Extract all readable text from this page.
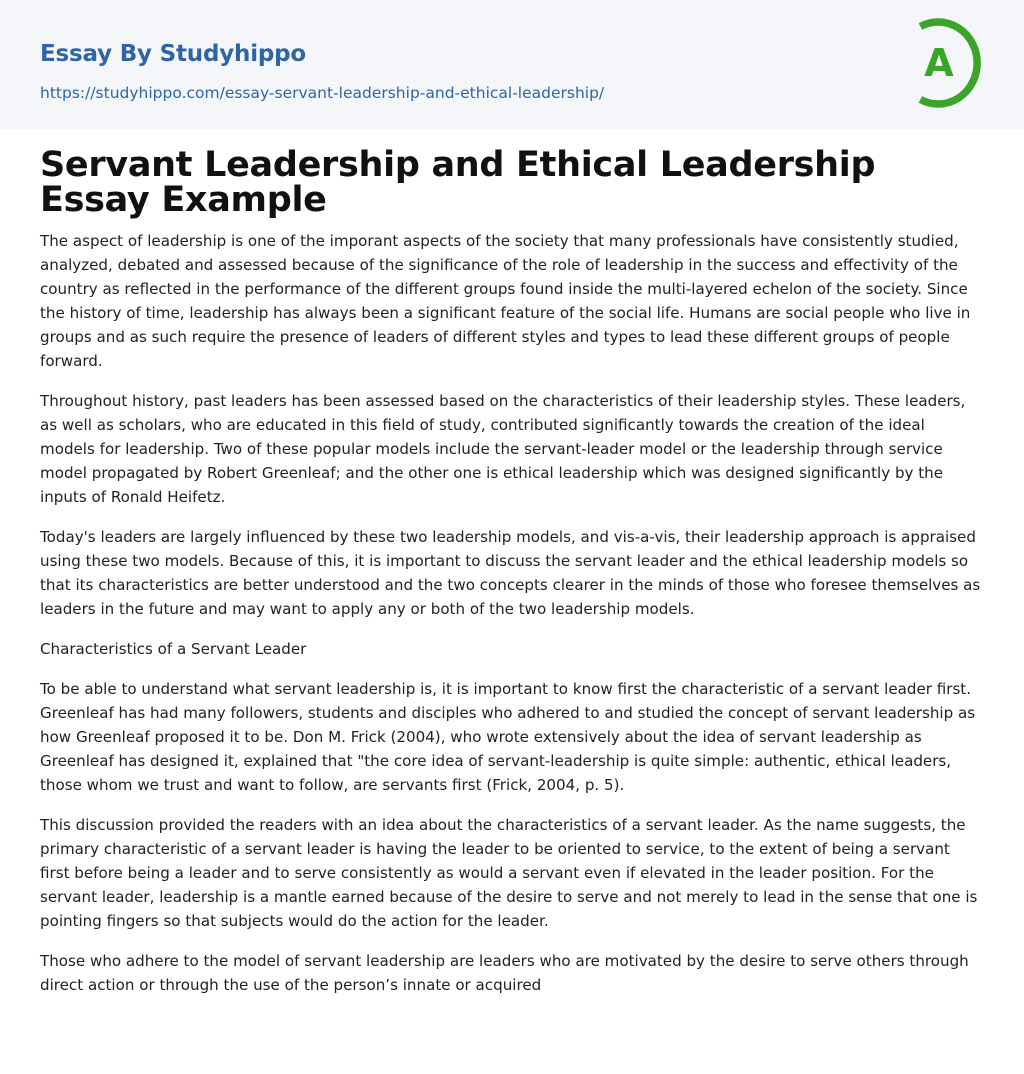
Essay By Studyhippo
https://studyhippo.com/essay-servant-leadership-and-ethical-leadership/
A
Servant Leadership and Ethical Leadership Essay Example

The aspect of leadership is one of the imporant aspects of the society that many professionals have consistently studied, analyzed, debated and assessed because of the significance of the role of leadership in the success and effectivity of the country as reflected in the performance of the different groups found inside the multi-layered echelon of the society. Since the history of time, leadership has always been a significant feature of the social life. Humans are social people who live in groups and as such require the presence of leaders of different styles and types to lead these different groups of people forward.

Throughout history, past leaders has been assessed based on the characteristics of their leadership styles. These leaders, as well as scholars, who are educated in this field of study, contributed significantly towards the creation of the ideal models for leadership. Two of these popular models include the servant-leader model or the leadership through service model propagated by Robert Greenleaf; and the other one is ethical leadership which was designed significantly by the inputs of Ronald Heifetz.

Today's leaders are largely influenced by these two leadership models, and vis-a-vis, their leadership approach is appraised using these two models. Because of this, it is important to discuss the servant leader and the ethical leadership models so that its characteristics are better understood and the two concepts clearer in the minds of those who foresee themselves as leaders in the future and may want to apply any or both of the two leadership models.

Characteristics of a Servant Leader

To be able to understand what servant leadership is, it is important to know first the characteristic of a servant leader first. Greenleaf has had many followers, students and disciples who adhered to and studied the concept of servant leadership as how Greenleaf proposed it to be. Don M. Frick (2004), who wrote extensively about the idea of servant leadership as Greenleaf has designed it, explained that "the core idea of servant-leadership is quite simple: authentic, ethical leaders, those whom we trust and want to follow, are servants first (Frick, 2004, p. 5).

This discussion provided the readers with an idea about the characteristics of a servant leader. As the name suggests, the primary characteristic of a servant leader is having the leader to be oriented to service, to the extent of being a servant first before being a leader and to serve consistently as would a servant even if elevated in the leader position. For the servant leader, leadership is a mantle earned because of the desire to serve and not merely to lead in the sense that one is pointing fingers so that subjects would do the action for the leader.

Those who adhere to the model of servant leadership are leaders who are motivated by the desire to serve others through direct action or through the use of the person’s innate or acquired
